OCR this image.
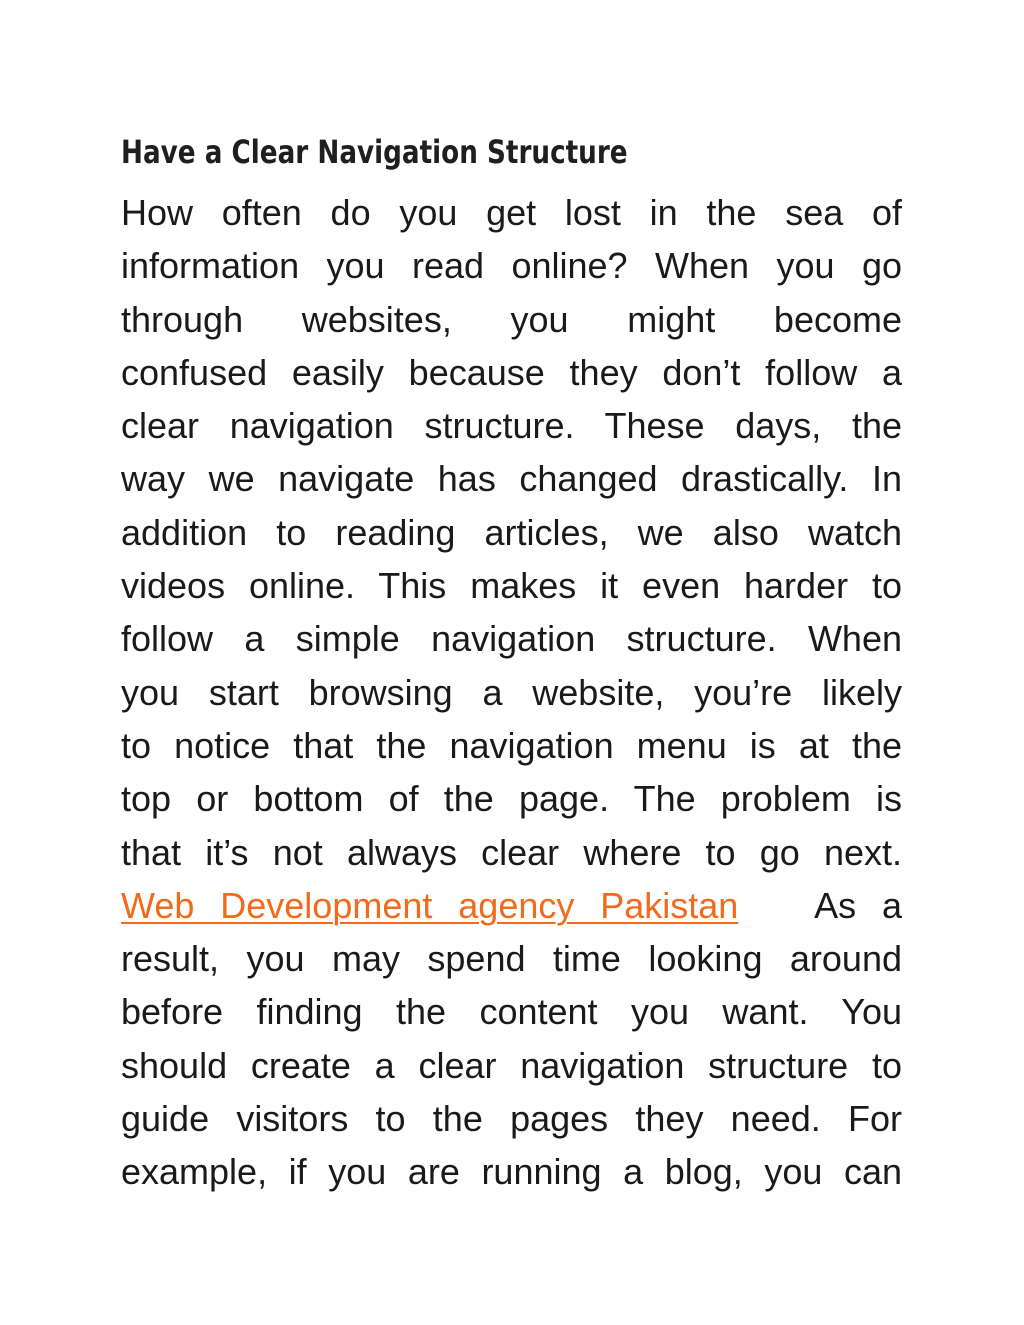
Have a Clear Navigation Structure
How often do you get lost in the sea of
information you read online? When you go
through websites, you might become
confused easily because they don’t follow a
clear navigation structure. These days, the
way we navigate has changed drastically. In
addition to reading articles, we also watch
videos online. This makes it even harder to
follow a simple navigation structure. When
you start browsing a website, you’re likely
to notice that the navigation menu is at the
top or bottom of the page. The problem is
that it’s not always clear where to go next.
Web Development agency Pakistan As a
result, you may spend time looking around
before finding the content you want. You
should create a clear navigation structure to
guide visitors to the pages they need. For
example, if you are running a blog, you can
